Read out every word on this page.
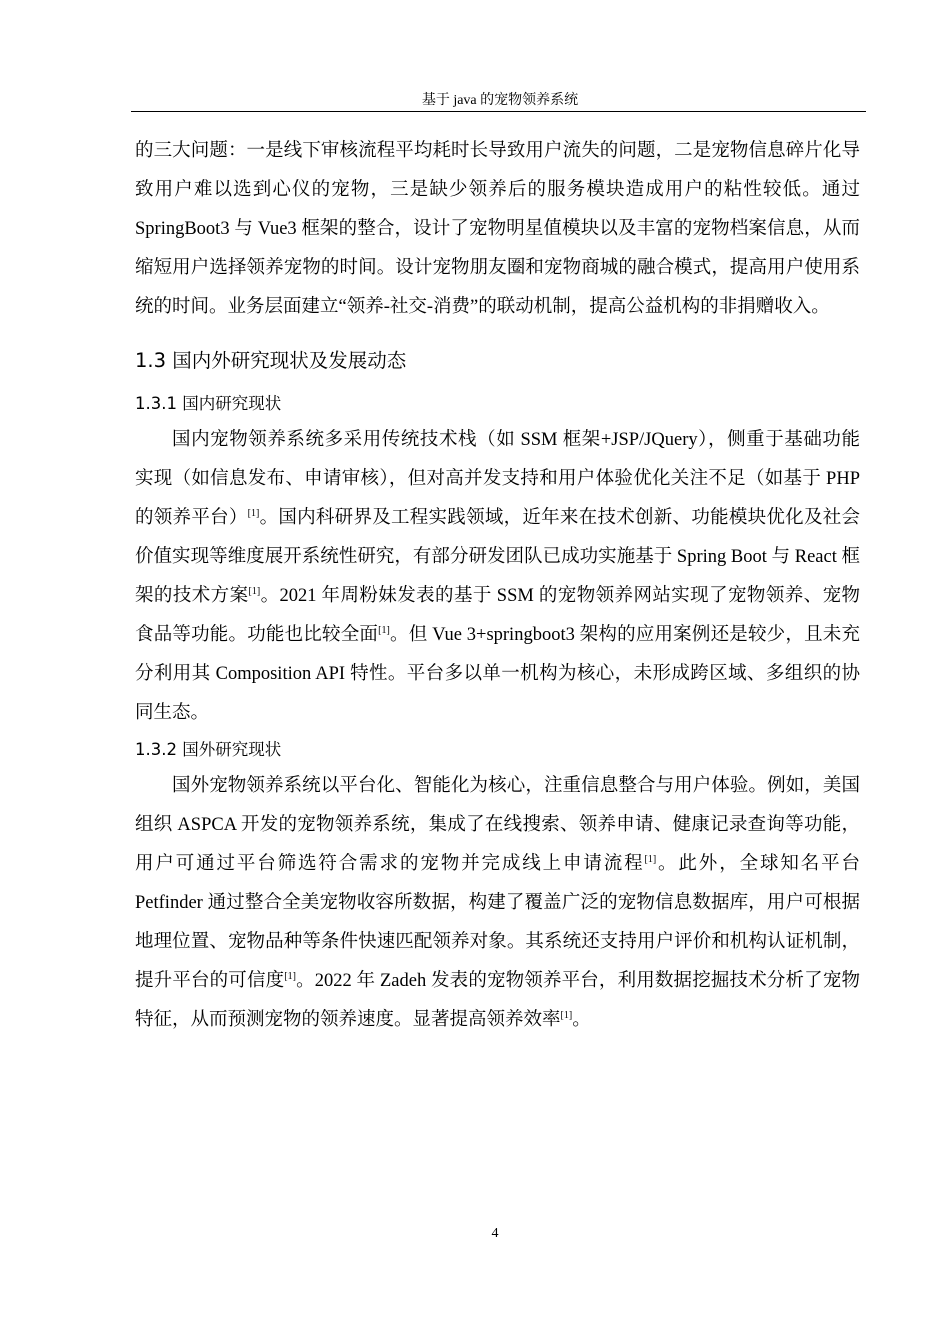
基于 java 的宠物领养系统

的三大问题：一是线下审核流程平均耗时长导致用户流失的问题，二是宠物信息碎片化导致用户难以选到心仪的宠物，三是缺少领养后的服务模块造成用户的粘性较低。通过 SpringBoot3 与 Vue3 框架的整合，设计了宠物明星值模块以及丰富的宠物档案信息，从而缩短用户选择领养宠物的时间。设计宠物朋友圈和宠物商城的融合模式，提高用户使用系统的时间。业务层面建立“领养-社交-消费”的联动机制，提高公益机构的非捐赠收入。

1.3 国内外研究现状及发展动态
1.3.1 国内研究现状

国内宠物领养系统多采用传统技术栈（如 SSM 框架+JSP/JQuery），侧重于基础功能实现（如信息发布、申请审核），但对高并发支持和用户体验优化关注不足（如基于 PHP 的领养平台）[1]。国内科研界及工程实践领域，近年来在技术创新、功能模块优化及社会价值实现等维度展开系统性研究，有部分研发团队已成功实施基于 Spring Boot 与 React 框架的技术方案[1]。2021 年周粉妹发表的基于 SSM 的宠物领养网站实现了宠物领养、宠物食品等功能。功能也比较全面[1]。但 Vue 3+springboot3 架构的应用案例还是较少，且未充分利用其 Composition API 特性。平台多以单一机构为核心，未形成跨区域、多组织的协同生态。

1.3.2 国外研究现状

国外宠物领养系统以平台化、智能化为核心，注重信息整合与用户体验。例如，美国组织 ASPCA 开发的宠物领养系统，集成了在线搜索、领养申请、健康记录查询等功能，用户可通过平台筛选符合需求的宠物并完成线上申请流程[1]。此外，全球知名平台 Petfinder 通过整合全美宠物收容所数据，构建了覆盖广泛的宠物信息数据库，用户可根据地理位置、宠物品种等条件快速匹配领养对象。其系统还支持用户评价和机构认证机制，提升平台的可信度[1]。2022 年 Zadeh 发表的宠物领养平台，利用数据挖掘技术分析了宠物特征，从而预测宠物的领养速度。显著提高领养效率[1]。

4
